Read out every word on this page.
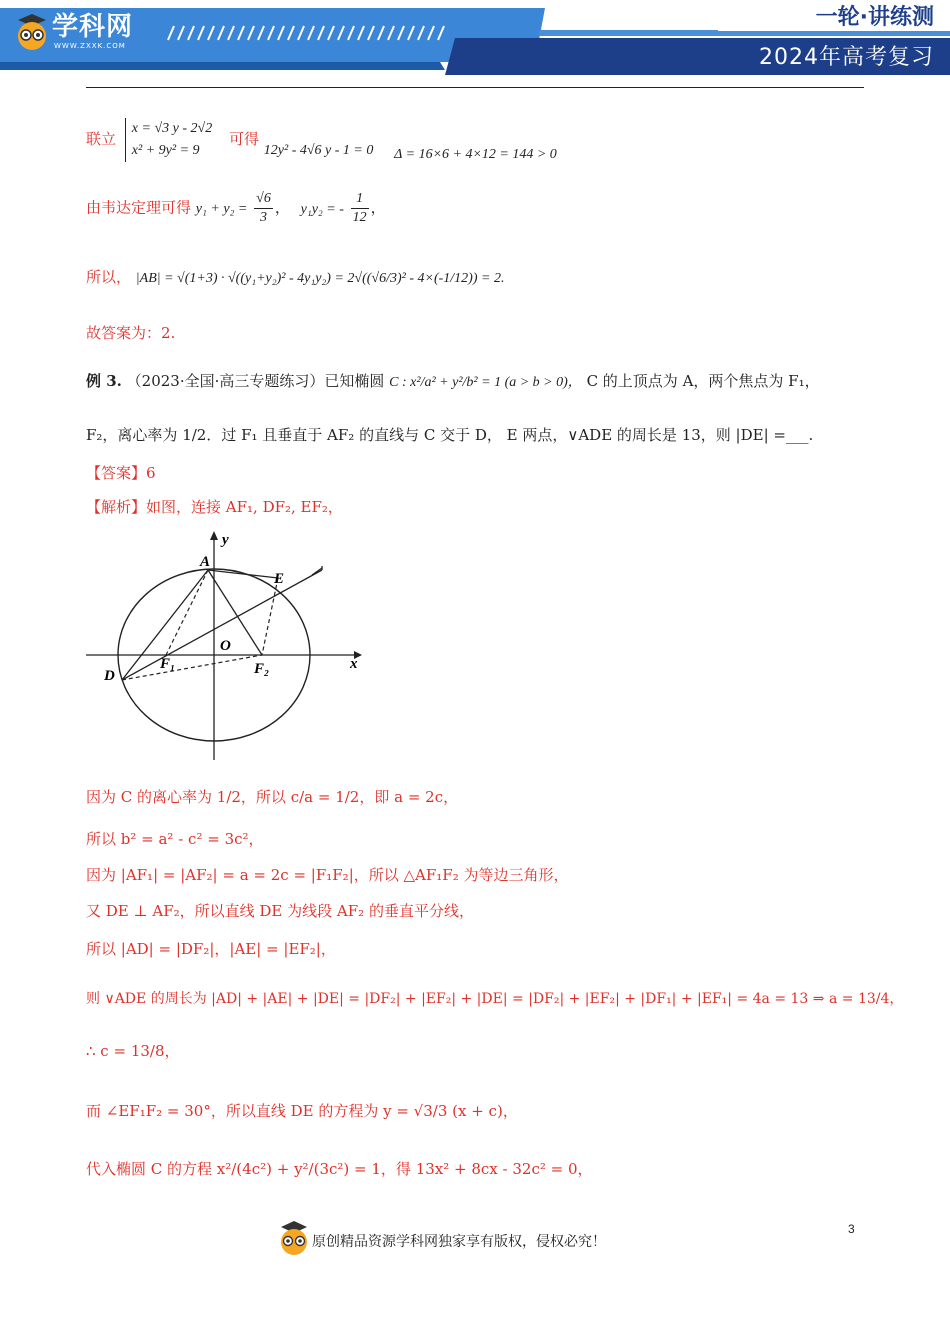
学科网
WWW.ZXXK.COM
一轮·讲练测
2024年高考复习
联立
x = √3 y - 2√2
x² + 9y² = 9
可得 12y² - 4√6 y - 1 = 0 Δ = 16×6 + 4×12 = 144 > 0
由韦达定理可得 $y_1 + y_2 = \frac{√6}{3}$ ， y₁y₂ = - $\frac{1}{12}$ ，
所以， |AB| = √(1+3) · √((y₁+y₂)² - 4y₁y₂) = 2√((√6/3)² - 4×(-1/12)) = 2.
故答案为：2.
例 3. （2023·全国·高三专题练习）已知椭圆 C : x²/a² + y²/b² = 1 (a > b > 0)， C 的上顶点为 A，两个焦点为 F₁，
F₂，离心率为 1/2．过 F₁ 且垂直于 AF₂ 的直线与 C 交于 D， E 两点，∨ADE 的周长是 13，则 |DE| =___.
【答案】6
【解析】如图，连接 AF₁, DF₂, EF₂，
A
y
E
O
D
F₁	F₂	x
因为 C 的离心率为 1/2，所以 c/a = 1/2，即 a = 2c，
所以 b² = a² - c² = 3c²，
因为 |AF₁| = |AF₂| = a = 2c = |F₁F₂|，所以 △AF₁F₂ 为等边三角形，
又 DE ⊥ AF₂，所以直线 DE 为线段 AF₂ 的垂直平分线，
所以 |AD| = |DF₂|，|AE| = |EF₂|，
则 ∨ADE 的周长为 |AD| + |AE| + |DE| = |DF₂| + |EF₂| + |DE| = |DF₂| + |EF₂| + |DF₁| + |EF₁| = 4a = 13 ⇒ a = 13/4，
∴ c = 13/8，
而 ∠EF₁F₂ = 30°，所以直线 DE 的方程为 y = √3/3 (x + c)，
代入椭圆 C 的方程 x²/(4c²) + y²/(3c²) = 1，得 13x² + 8cx - 32c² = 0，
原创精品资源学科网独家享有版权，侵权必究！
3
